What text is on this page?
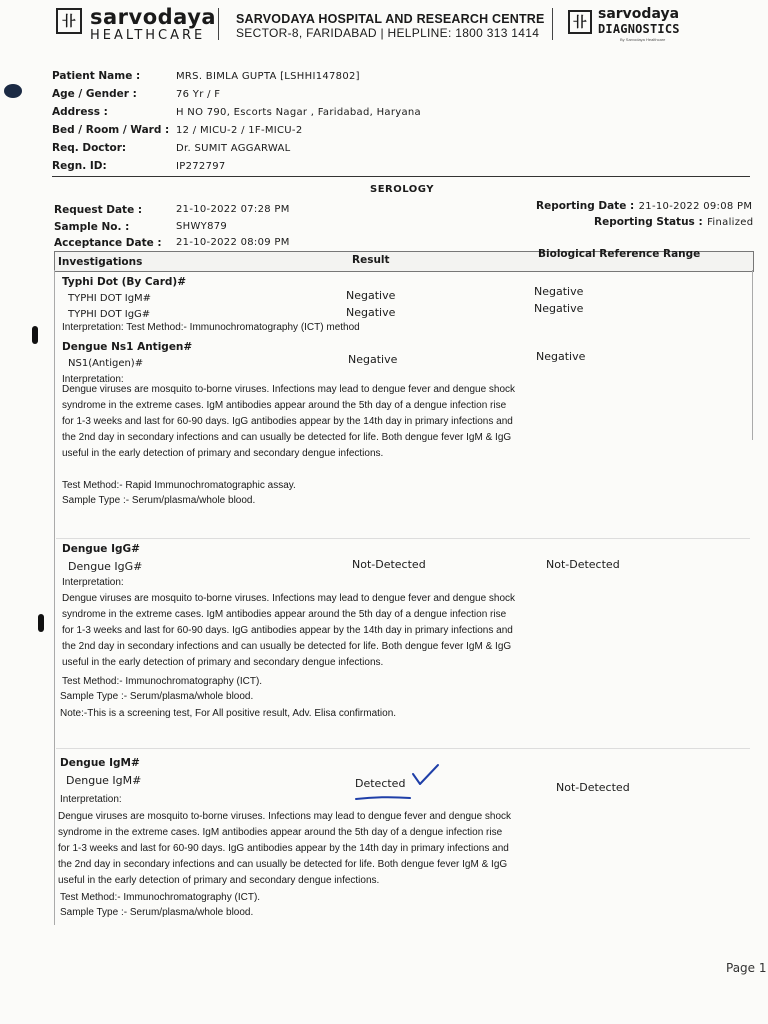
卝 sarvodaya
HEALTHCARE
SARVODAYA HOSPITAL AND RESEARCH CENTRE
SECTOR-8, FARIDABAD | HELPLINE: 1800 313 1414
卝 sarvodaya
DIAGNOSTICS
By Sarvodaya Healthcare
Patient Name :	MRS. BIMLA GUPTA [LSHHI147802]
Age / Gender :	76 Yr / F
Address :	H NO 790, Escorts Nagar , Faridabad, Haryana
Bed / Room / Ward : 12 / MICU-2 / 1F-MICU-2
Req. Doctor:	Dr. SUMIT AGGARWAL
Regn. ID:	IP272797
SEROLOGY
Request Date :	21-10-2022 07:28 PM
Sample No. :	SHWY879
Acceptance Date : 21-10-2022 08:09 PM
Reporting Date : 21-10-2022 09:08 PM
Reporting Status : Finalized
Investigations	Result	Biological Reference Range
Typhi Dot (By Card)#
TYPHI DOT IgM#	Negative	Negative
TYPHI DOT IgG#	Negative	Negative
Interpretation: Test Method:- Immunochromatography (ICT) method
Dengue Ns1 Antigen#
NS1(Antigen)#	Negative	Negative
Interpretation:
Dengue viruses are mosquito to-borne viruses. Infections may lead to dengue fever and dengue shock
syndrome in the extreme cases. IgM antibodies appear around the 5th day of a dengue infection rise
for 1-3 weeks and last for 60-90 days. IgG antibodies appear by the 14th day in primary infections and
the 2nd day in secondary infections and can usually be detected for life. Both dengue fever IgM & IgG
useful in the early detection of primary and secondary dengue infections.
Test Method:- Rapid Immunochromatographic assay.
Sample Type :- Serum/plasma/whole blood.
Dengue IgG#
Dengue IgG#	Not-Detected	Not-Detected
Interpretation:
Dengue viruses are mosquito to-borne viruses. Infections may lead to dengue fever and dengue shock
syndrome in the extreme cases. IgM antibodies appear around the 5th day of a dengue infection rise
for 1-3 weeks and last for 60-90 days. IgG antibodies appear by the 14th day in primary infections and
the 2nd day in secondary infections and can usually be detected for life. Both dengue fever IgM & IgG
useful in the early detection of primary and secondary dengue infections.
Test Method:- Immunochromatography (ICT).
Sample Type :- Serum/plasma/whole blood.
Note:-This is a screening test, For All positive result, Adv. Elisa confirmation.
Dengue IgM#
Dengue IgM#	Detected	Not-Detected
Interpretation:
Dengue viruses are mosquito to-borne viruses. Infections may lead to dengue fever and dengue shock
syndrome in the extreme cases. IgM antibodies appear around the 5th day of a dengue infection rise
for 1-3 weeks and last for 60-90 days. IgG antibodies appear by the 14th day in primary infections and
the 2nd day in secondary infections and can usually be detected for life. Both dengue fever IgM & IgG
useful in the early detection of primary and secondary dengue infections.
Test Method:- Immunochromatography (ICT).
Sample Type :- Serum/plasma/whole blood.
Page 1
